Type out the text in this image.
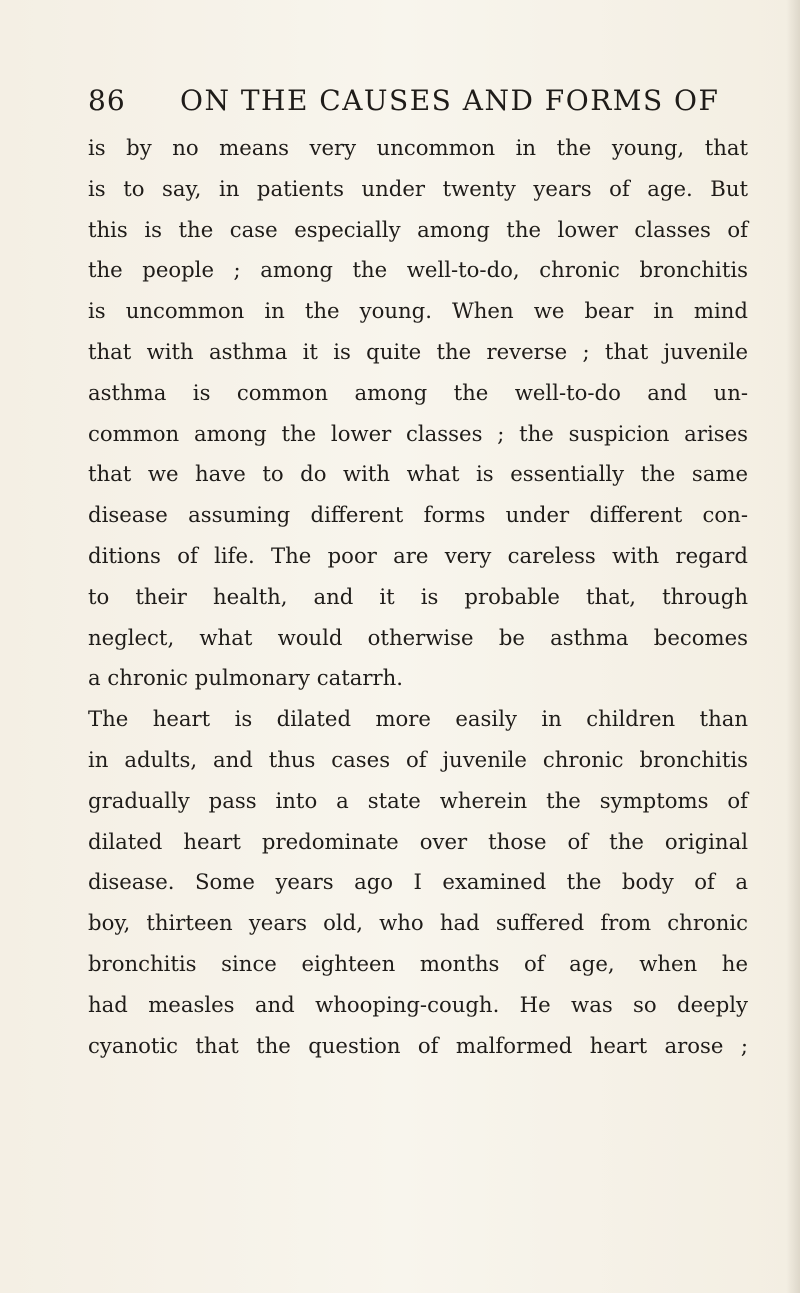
86 ON THE CAUSES AND FORMS OF
is by no means very uncommon in the young, that
is to say, in patients under twenty years of age. But
this is the case especially among the lower classes of
the people ; among the well-to-do, chronic bronchitis
is uncommon in the young. When we bear in mind
that with asthma it is quite the reverse ; that juvenile
asthma is common among the well-to-do and un-
common among the lower classes ; the suspicion arises
that we have to do with what is essentially the same
disease assuming different forms under different con-
ditions of life. The poor are very careless with regard
to their health, and it is probable that, through
neglect, what would otherwise be asthma becomes
a chronic pulmonary catarrh.
The heart is dilated more easily in children than
in adults, and thus cases of juvenile chronic bronchitis
gradually pass into a state wherein the symptoms of
dilated heart predominate over those of the original
disease. Some years ago I examined the body of a
boy, thirteen years old, who had suffered from chronic
bronchitis since eighteen months of age, when he
had measles and whooping-cough. He was so deeply
cyanotic that the question of malformed heart arose ;
